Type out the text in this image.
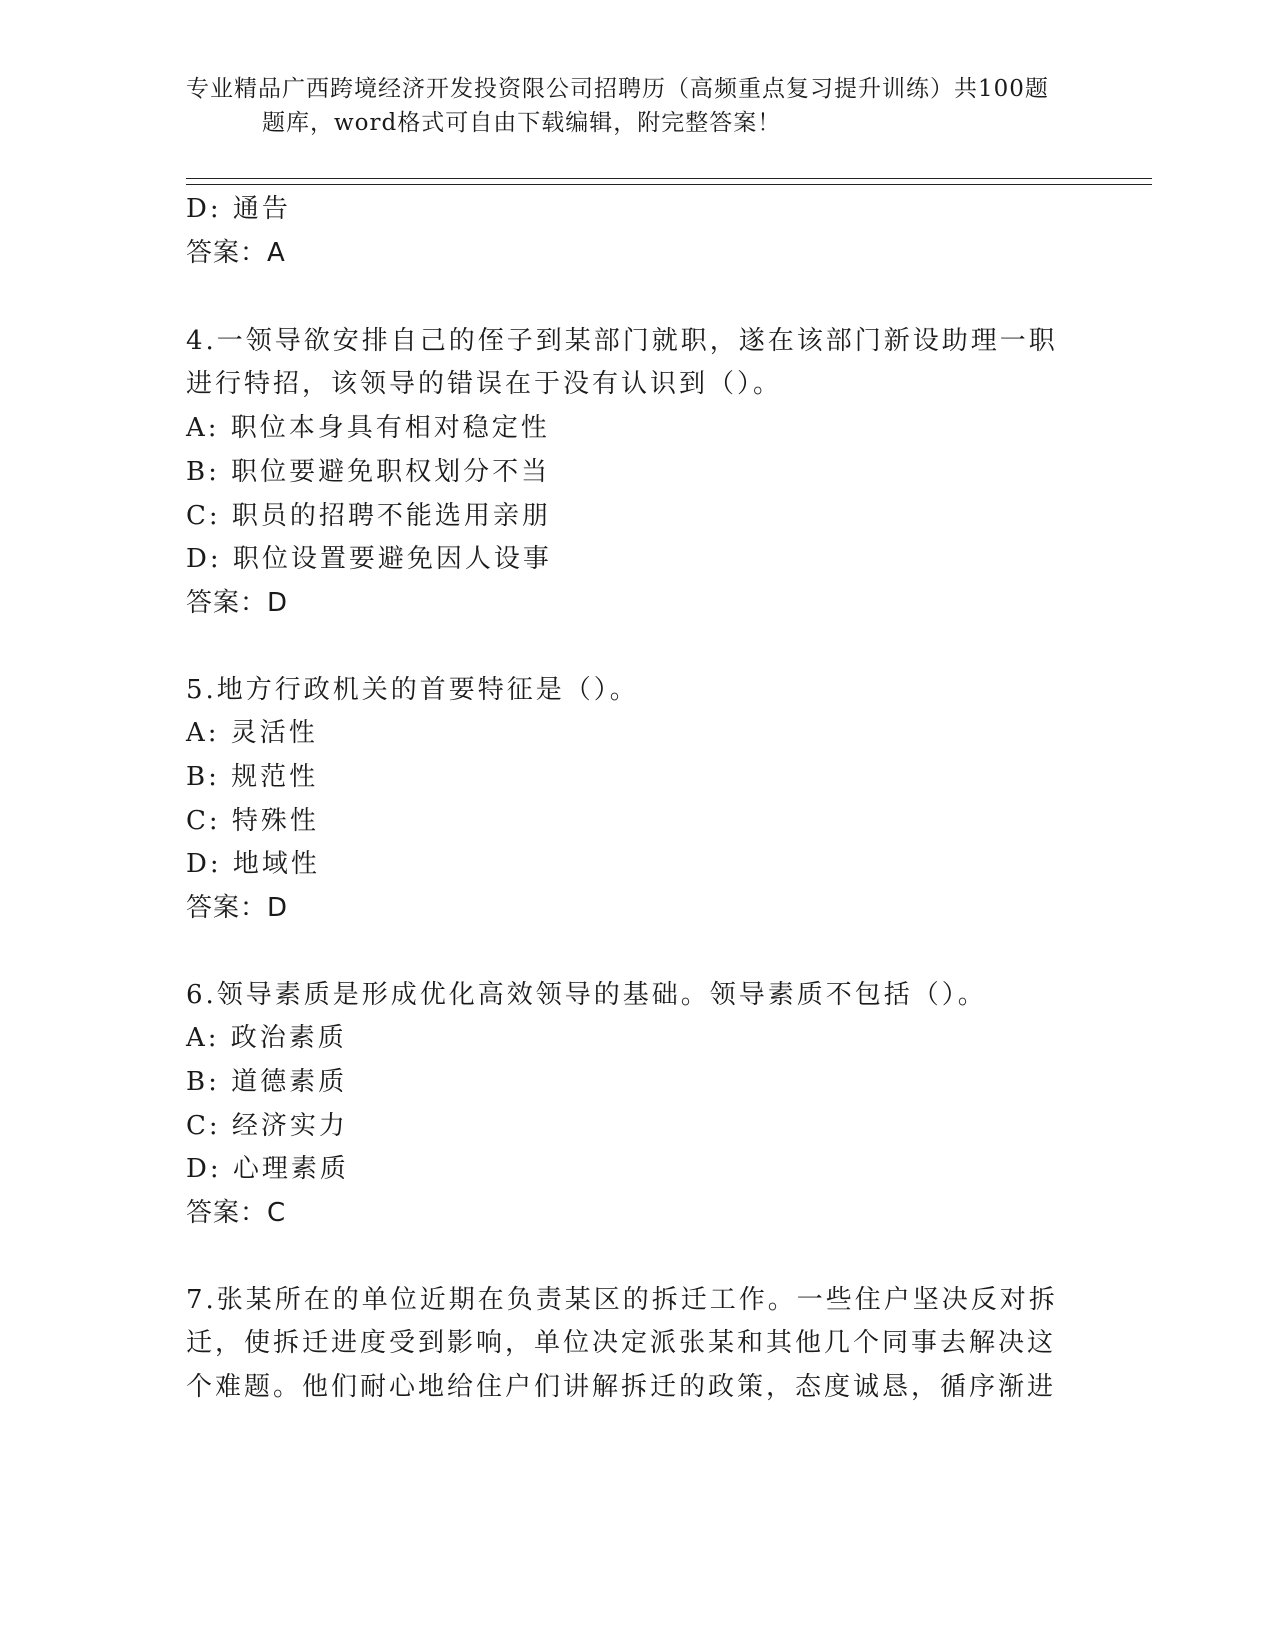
专业精品广西跨境经济开发投资限公司招聘历（高频重点复习提升训练）共100题
题库，word格式可自由下载编辑，附完整答案！
D: 通告
答案：A
4.一领导欲安排自己的侄子到某部门就职，遂在该部门新设助理一职
进行特招，该领导的错误在于没有认识到（）。
A: 职位本身具有相对稳定性
B: 职位要避免职权划分不当
C: 职员的招聘不能选用亲朋
D: 职位设置要避免因人设事
答案：D
5.地方行政机关的首要特征是（）。
A: 灵活性
B: 规范性
C: 特殊性
D: 地域性
答案：D
6.领导素质是形成优化高效领导的基础。领导素质不包括（）。
A: 政治素质
B: 道德素质
C: 经济实力
D: 心理素质
答案：C
7.张某所在的单位近期在负责某区的拆迁工作。一些住户坚决反对拆
迁，使拆迁进度受到影响，单位决定派张某和其他几个同事去解决这
个难题。他们耐心地给住户们讲解拆迁的政策，态度诚恳，循序渐进
